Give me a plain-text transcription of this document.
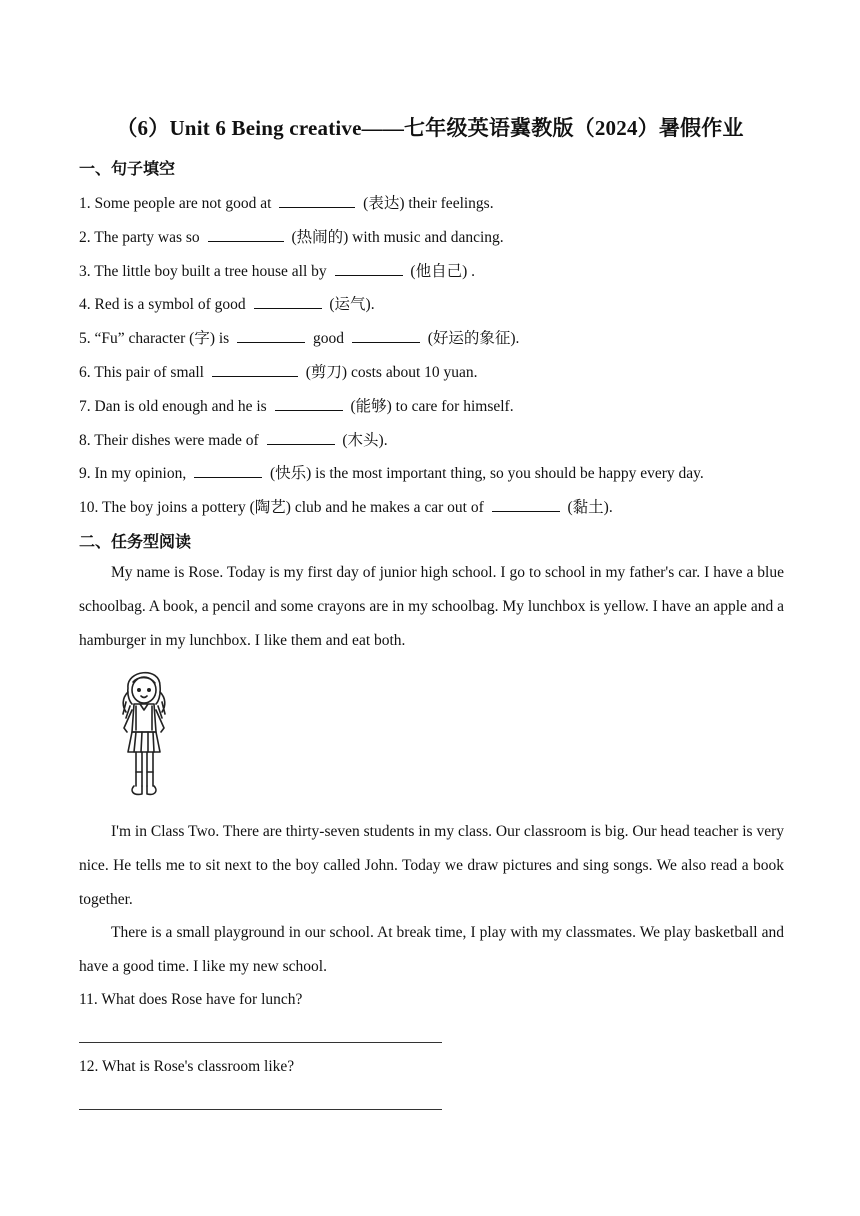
（6）Unit 6 Being creative——七年级英语冀教版（2024）暑假作业
一、句子填空
1. Some people are not good at	(表达) their feelings.
2. The party was so	(热闹的) with music and dancing.
3. The little boy built a tree house all by	(他自己) .
4. Red is a symbol of good	(运气).
5. “Fu” character (字) is	good	(好运的象征).
6. This pair of small	(剪刀) costs about 10 yuan.
7. Dan is old enough and he is	(能够) to care for himself.
8. Their dishes were made of	(木头).
9. In my opinion,	(快乐) is the most important thing, so you should be happy every day.
10. The boy joins a pottery (陶艺) club and he makes a car out of	(黏土).
二、任务型阅读
My name is Rose. Today is my first day of junior high school. I go to school in my father's car. I have a blue schoolbag. A book, a pencil and some crayons are in my schoolbag. My lunchbox is yellow. I have an apple and a hamburger in my lunchbox. I like them and eat both.
I'm in Class Two. There are thirty-seven students in my class. Our classroom is big. Our head teacher is very nice. He tells me to sit next to the boy called John. Today we draw pictures and sing songs. We also read a book together.
There is a small playground in our school. At break time, I play with my classmates. We play basketball and have a good time. I like my new school.
11. What does Rose have for lunch?
12. What is Rose's classroom like?
